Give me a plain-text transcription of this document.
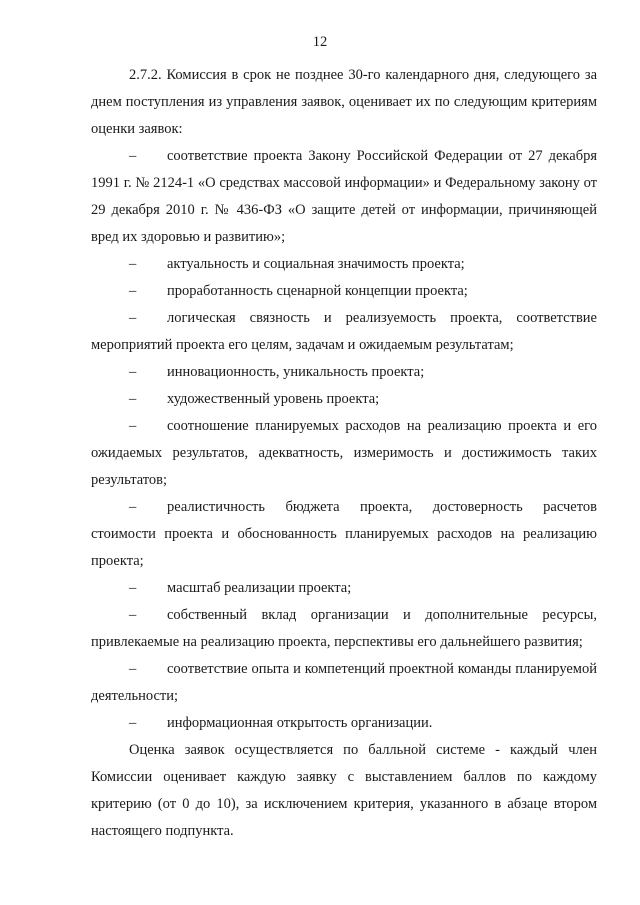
12

2.7.2. Комиссия в срок не позднее 30-го календарного дня, следующего за днем поступления из управления заявок, оценивает их по следующим критериям оценки заявок:

– соответствие проекта Закону Российской Федерации от 27 декабря 1991 г. № 2124-1 «О средствах массовой информации» и Федеральному закону от 29 декабря 2010 г. № 436-ФЗ «О защите детей от информации, причиняющей вред их здоровью и развитию»;

– актуальность и социальная значимость проекта;

– проработанность сценарной концепции проекта;

– логическая связность и реализуемость проекта, соответствие мероприятий проекта его целям, задачам и ожидаемым результатам;

– инновационность, уникальность проекта;

– художественный уровень проекта;

– соотношение планируемых расходов на реализацию проекта и его ожидаемых результатов, адекватность, измеримость и достижимость таких результатов;

– реалистичность бюджета проекта, достоверность расчетов стоимости проекта и обоснованность планируемых расходов на реализацию проекта;

– масштаб реализации проекта;

– собственный вклад организации и дополнительные ресурсы, привлекаемые на реализацию проекта, перспективы его дальнейшего развития;

– соответствие опыта и компетенций проектной команды планируемой деятельности;

– информационная открытость организации.

Оценка заявок осуществляется по балльной системе - каждый член Комиссии оценивает каждую заявку с выставлением баллов по каждому критерию (от 0 до 10), за исключением критерия, указанного в абзаце втором настоящего подпункта.
